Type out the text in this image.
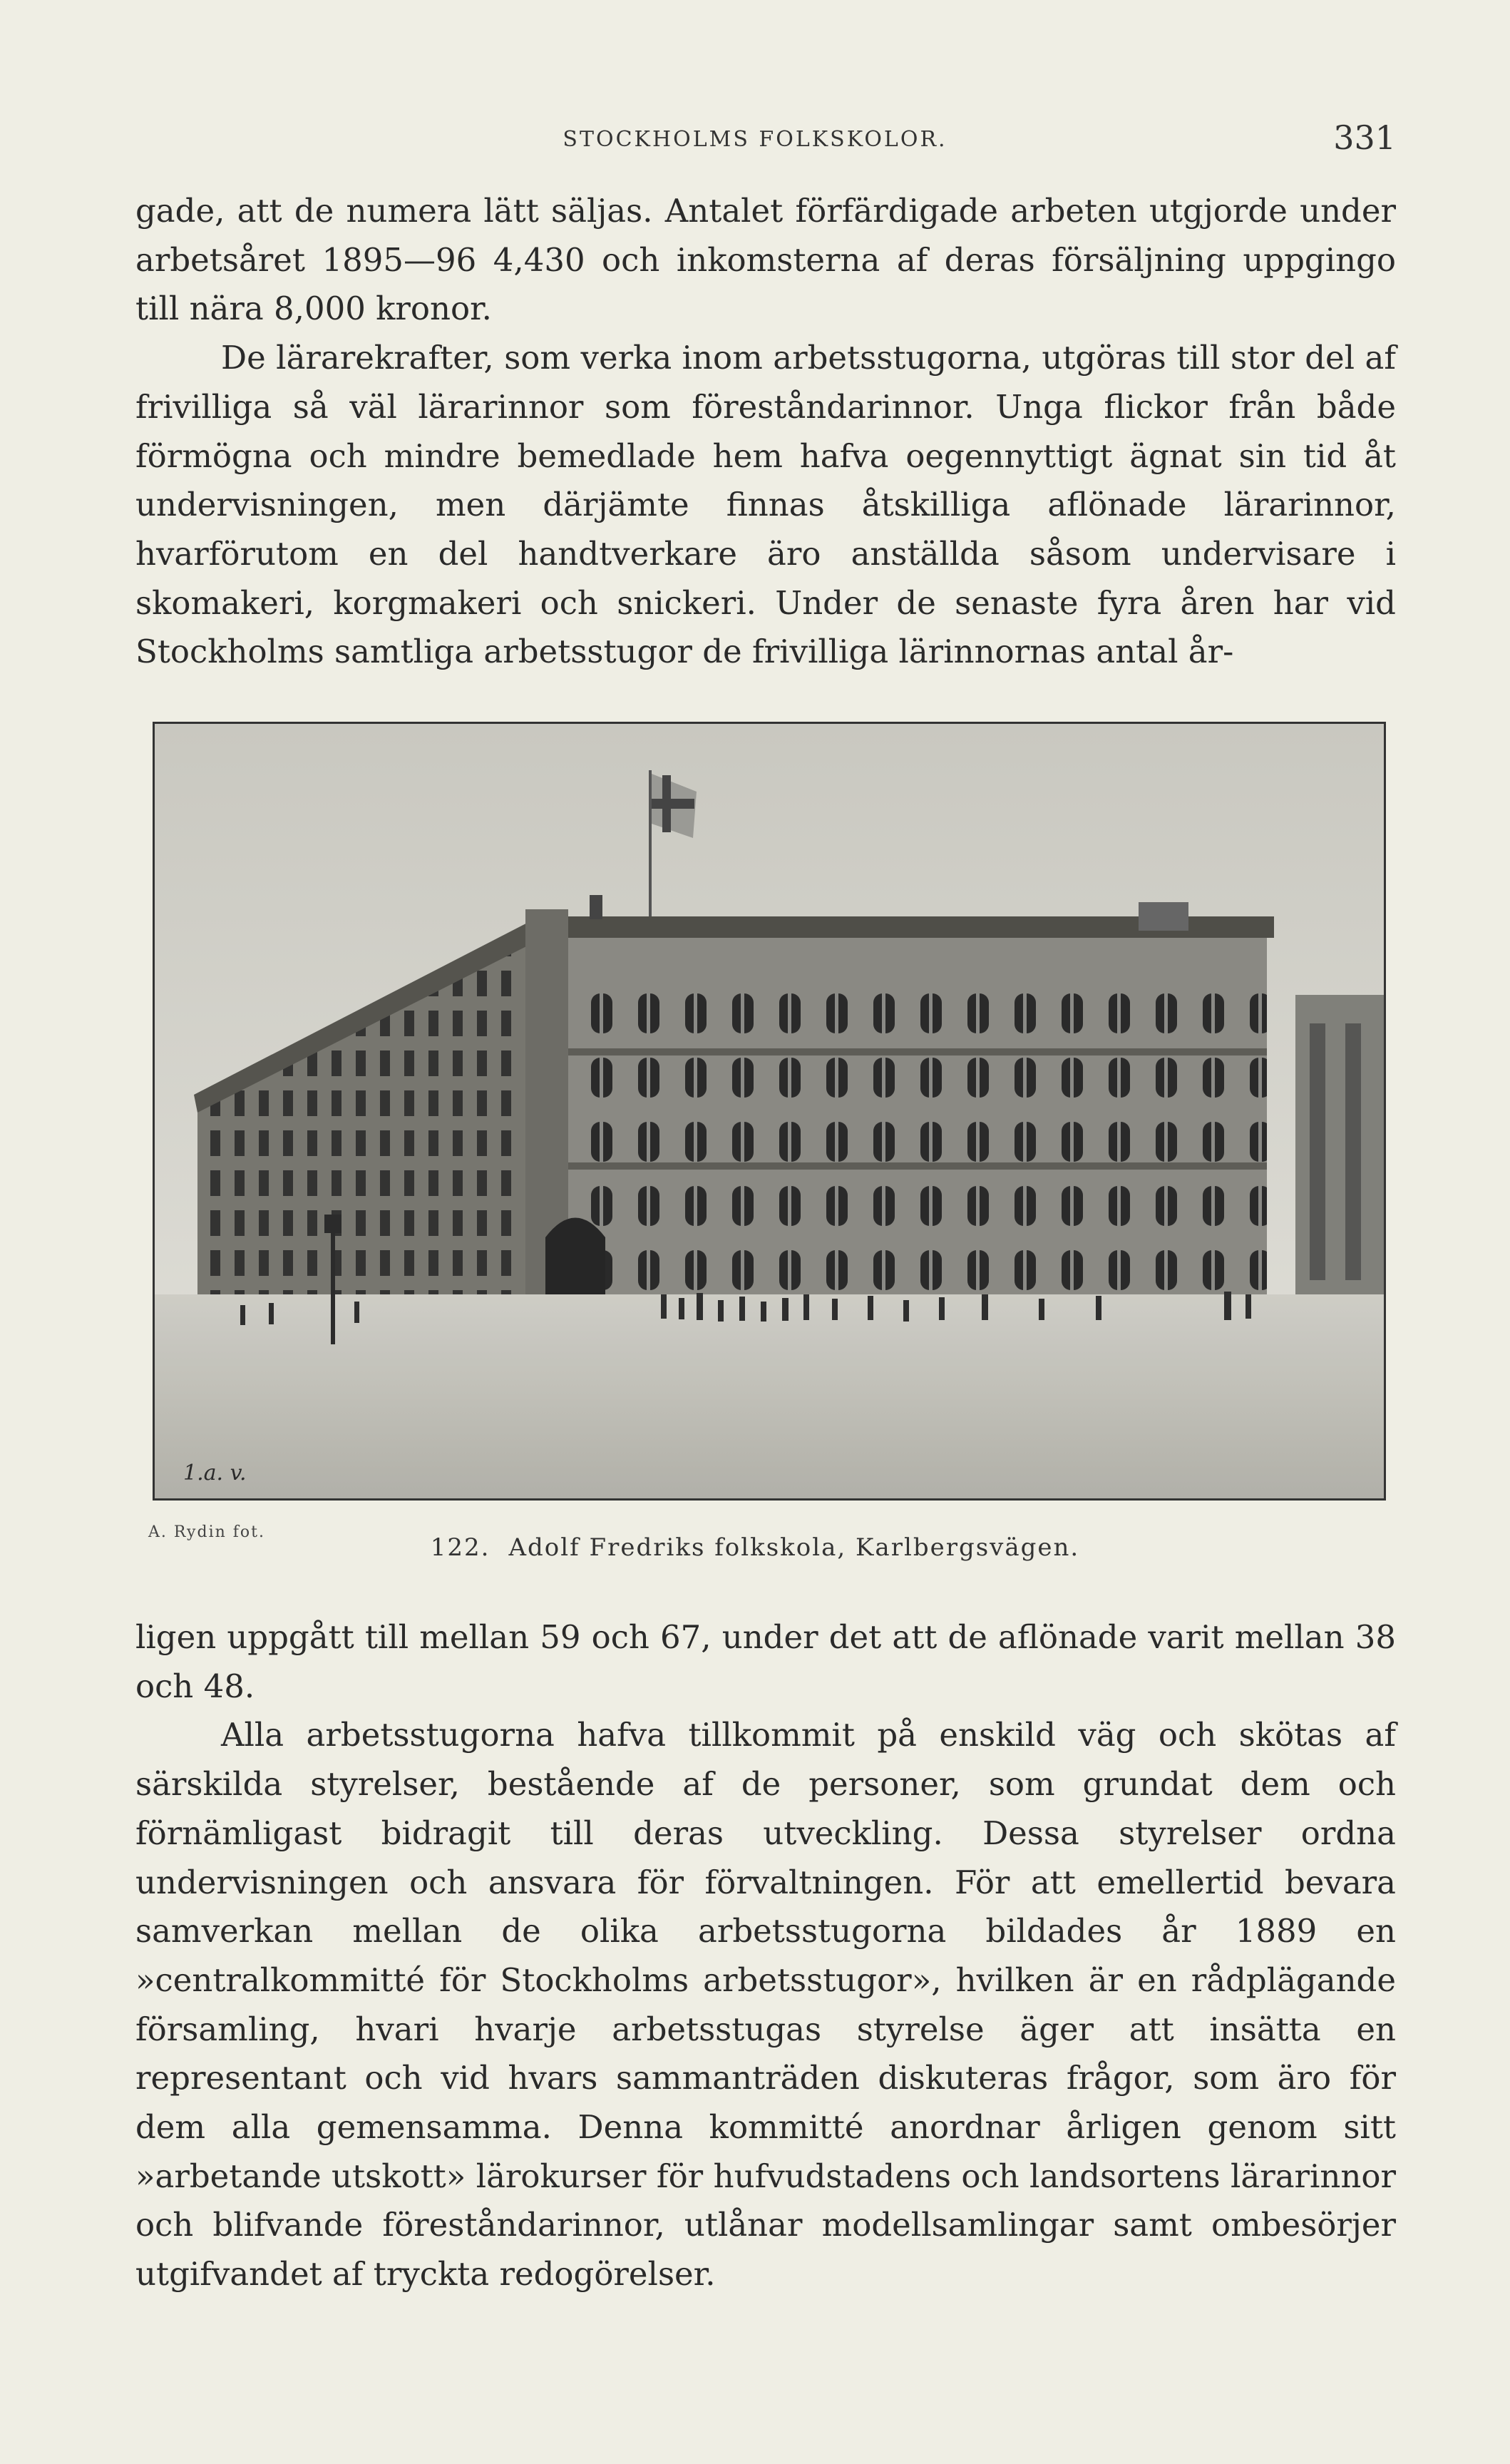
STOCKHOLMS FOLKSKOLOR.	331

gade, att de numera lätt säljas. Antalet förfärdigade arbeten utgjorde under arbetsåret 1895—96 4,430 och inkomsterna af deras försäljning uppgingo till nära 8,000 kronor.

De lärarekrafter, som verka inom arbetsstugorna, utgöras till stor del af frivilliga så väl lärarinnor som föreståndarinnor. Unga flickor från både förmögna och mindre bemedlade hem hafva oegennyttigt ägnat sin tid åt undervisningen, men därjämte finnas åtskilliga aflönade lärarinnor, hvarförutom en del handtverkare äro anställda såsom undervisare i skomakeri, korgmakeri och snickeri. Under de senaste fyra åren har vid Stockholms samtliga arbetsstugor de frivilliga lärinnornas antal år-

1.a. v.
A. Rydin fot.
122. Adolf Fredriks folkskola, Karlbergsvägen.

ligen uppgått till mellan 59 och 67, under det att de aflönade varit mellan 38 och 48.

Alla arbetsstugorna hafva tillkommit på enskild väg och skötas af särskilda styrelser, bestående af de personer, som grundat dem och förnämligast bidragit till deras utveckling. Dessa styrelser ordna undervisningen och ansvara för förvaltningen. För att emellertid bevara samverkan mellan de olika arbetsstugorna bildades år 1889 en »centralkommitté för Stockholms arbetsstugor», hvilken är en rådplägande församling, hvari hvarje arbetsstugas styrelse äger att insätta en representant och vid hvars sammanträden diskuteras frågor, som äro för dem alla gemensamma. Denna kommitté anordnar årligen genom sitt »arbetande utskott» lärokurser för hufvudstadens och landsortens lärarinnor och blifvande föreståndarinnor, utlånar modellsamlingar samt ombesörjer utgifvandet af tryckta redogörelser.
